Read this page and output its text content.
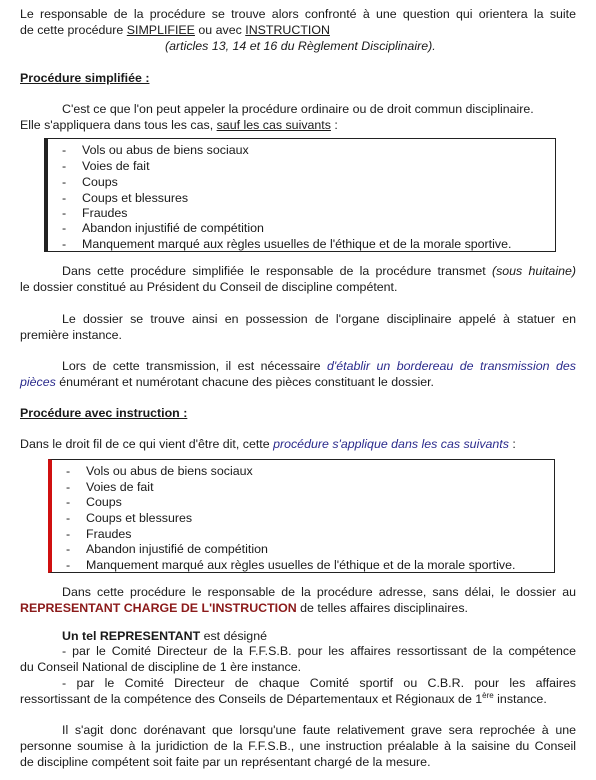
Le responsable de la procédure se trouve alors confronté à une question qui orientera la suite
de cette procédure SIMPLIFIEE ou avec INSTRUCTION
(articles 13, 14 et 16 du Règlement Disciplinaire).
Procédure simplifiée :
C'est ce que l'on peut appeler la procédure ordinaire ou de droit commun disciplinaire.
Elle s'appliquera dans tous les cas, sauf les cas suivants :
- Vols ou abus de biens sociaux
- Voies de fait
- Coups
- Coups et blessures
- Fraudes
- Abandon injustifié de compétition
- Manquement marqué aux règles usuelles de l'éthique et de la morale sportive.
Dans cette procédure simplifiée le responsable de la procédure transmet (sous huitaine)
le dossier constitué au Président du Conseil de discipline compétent.
Le dossier se trouve ainsi en possession de l'organe disciplinaire appelé à statuer en
première instance.
Lors de cette transmission, il est nécessaire d'établir un bordereau de transmission des
pièces énumérant et numérotant chacune des pièces constituant le dossier.
Procédure avec instruction :
Dans le droit fil de ce qui vient d'être dit, cette procédure s'applique dans les cas suivants :
- Vols ou abus de biens sociaux
- Voies de fait
- Coups
- Coups et blessures
- Fraudes
- Abandon injustifié de compétition
- Manquement marqué aux règles usuelles de l'éthique et de la morale sportive.
Dans cette procédure le responsable de la procédure adresse, sans délai, le dossier au
REPRESENTANT CHARGE DE L'INSTRUCTION de telles affaires disciplinaires.
Un tel REPRESENTANT est désigné
- par le Comité Directeur de la F.F.S.B. pour les affaires ressortissant de la compétence
du Conseil National de discipline de 1 ère instance.
- par le Comité Directeur de chaque Comité sportif ou C.B.R. pour les affaires
ressortissant de la compétence des Conseils de Départementaux et Régionaux de 1ère instance.
Il s'agit donc dorénavant que lorsqu'une faute relativement grave sera reprochée à une
personne soumise à la juridiction de la F.F.S.B., une instruction préalable à la saisine du Conseil
de discipline compétent soit faite par un représentant chargé de la mesure.
